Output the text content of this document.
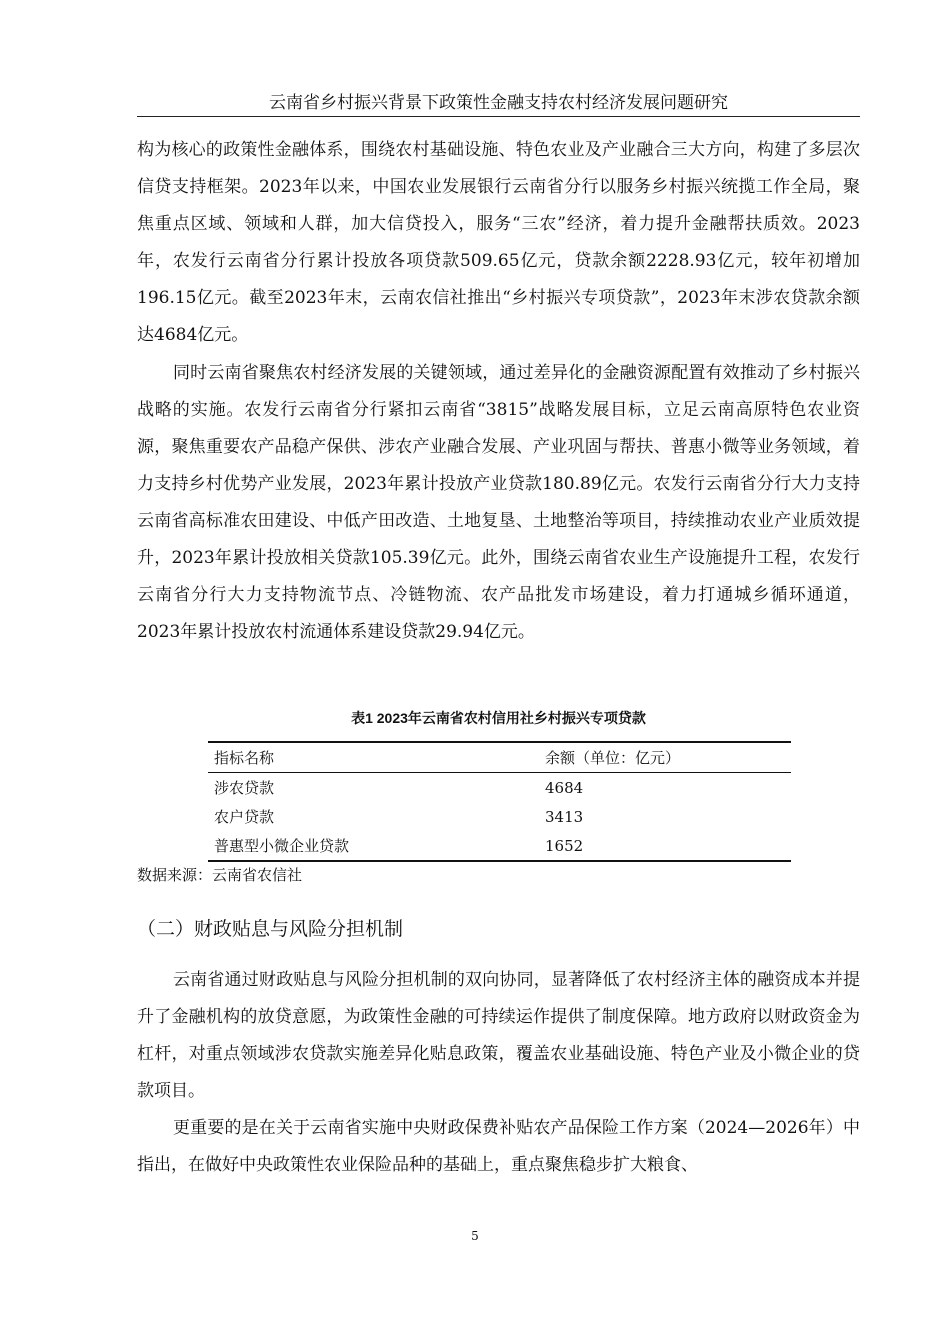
云南省乡村振兴背景下政策性金融支持农村经济发展问题研究

构为核心的政策性金融体系，围绕农村基础设施、特色农业及产业融合三大方向，构建了多层次信贷支持框架。2023年以来，中国农业发展银行云南省分行以服务乡村振兴统揽工作全局，聚焦重点区域、领域和人群，加大信贷投入，服务“三农”经济，着力提升金融帮扶质效。2023年，农发行云南省分行累计投放各项贷款509.65亿元，贷款余额2228.93亿元，较年初增加196.15亿元。截至2023年末，云南农信社推出“乡村振兴专项贷款”，2023年末涉农贷款余额达4684亿元。

同时云南省聚焦农村经济发展的关键领域，通过差异化的金融资源配置有效推动了乡村振兴战略的实施。农发行云南省分行紧扣云南省“3815”战略发展目标，立足云南高原特色农业资源，聚焦重要农产品稳产保供、涉农产业融合发展、产业巩固与帮扶、普惠小微等业务领域，着力支持乡村优势产业发展，2023年累计投放产业贷款180.89亿元。农发行云南省分行大力支持云南省高标准农田建设、中低产田改造、土地复垦、土地整治等项目，持续推动农业产业质效提升，2023年累计投放相关贷款105.39亿元。此外，围绕云南省农业生产设施提升工程，农发行云南省分行大力支持物流节点、冷链物流、农产品批发市场建设，着力打通城乡循环通道，2023年累计投放农村流通体系建设贷款29.94亿元。

表1 2023年云南省农村信用社乡村振兴专项贷款
指标名称	余额（单位：亿元）
涉农贷款	4684
农户贷款	3413
普惠型小微企业贷款	1652
数据来源：云南省农信社
（二）财政贴息与风险分担机制

云南省通过财政贴息与风险分担机制的双向协同，显著降低了农村经济主体的融资成本并提升了金融机构的放贷意愿，为政策性金融的可持续运作提供了制度保障。地方政府以财政资金为杠杆，对重点领域涉农贷款实施差异化贴息政策，覆盖农业基础设施、特色产业及小微企业的贷款项目。

更重要的是在关于云南省实施中央财政保费补贴农产品保险工作方案（2024—2026年）中指出，在做好中央政策性农业保险品种的基础上，重点聚焦稳步扩大粮食、

5
